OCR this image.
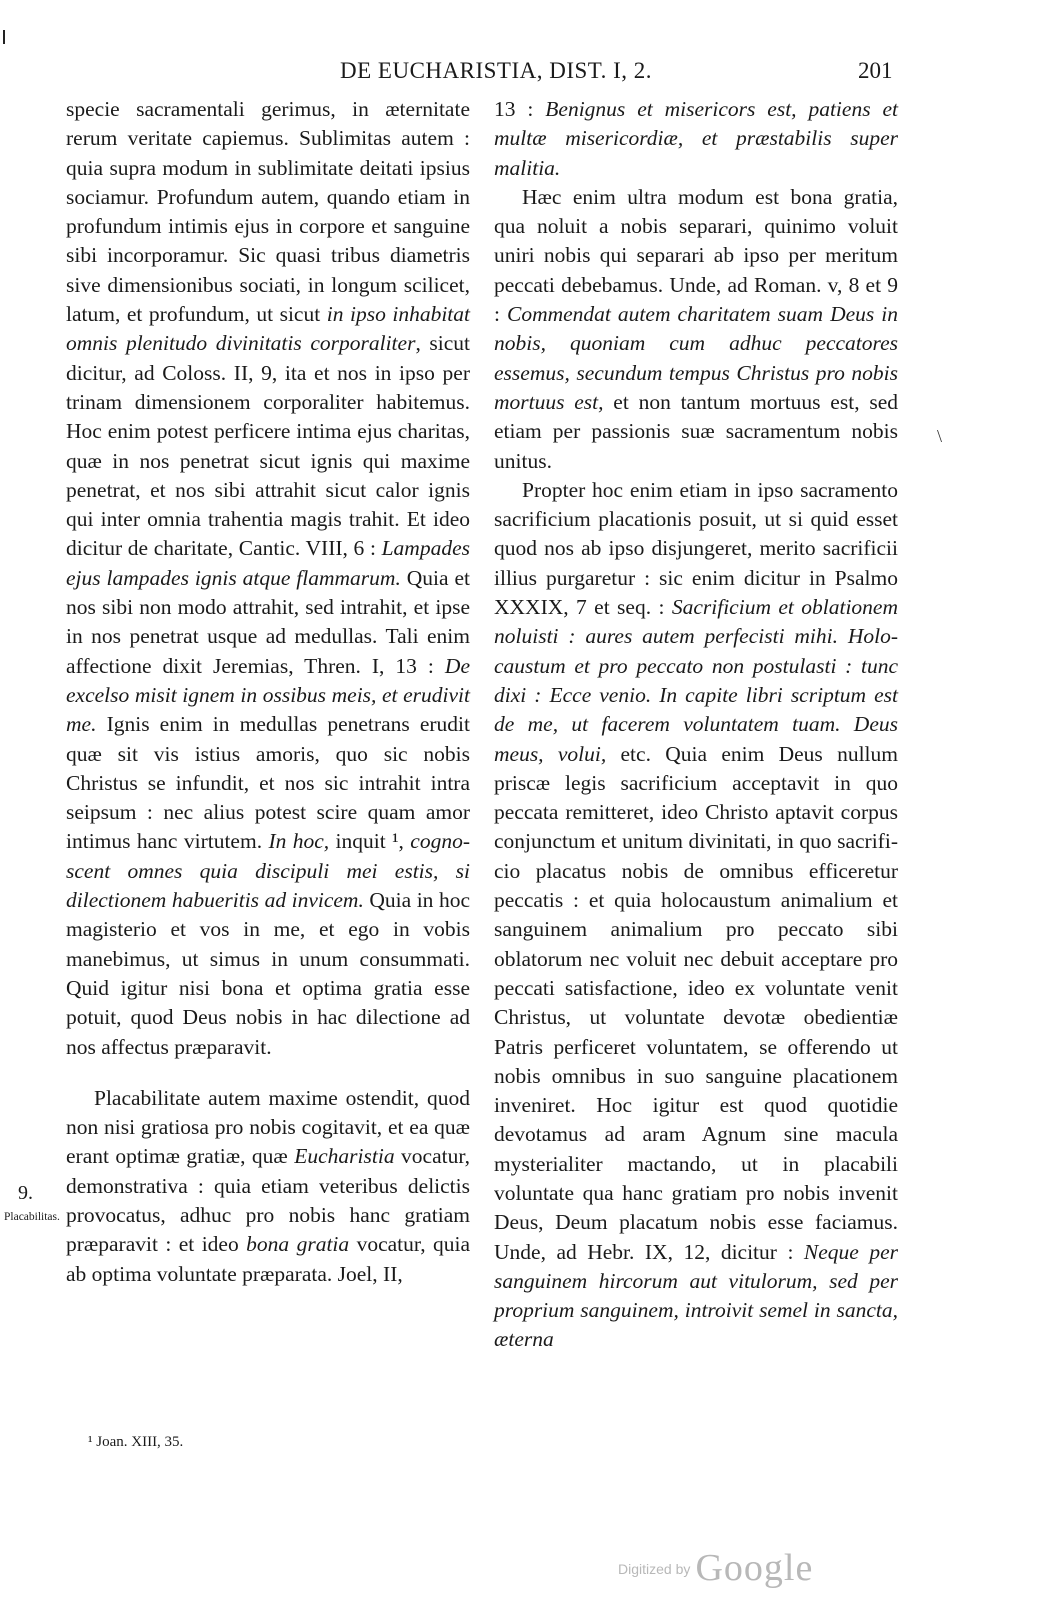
DE EUCHARISTIA, DIST. I, 2.	201

specie sacramentali gerimus, in æternitate rerum veritate capiemus. Sublimitas autem : quia supra modum in sublimitate deitati ipsius sociamur. Profundum autem, quando etiam in profundum intimis ejus in corpore et sanguine sibi incorporamur. Sic quasi tribus diametris sive dimensionibus sociati, in longum scilicet, latum, et profundum, ut sicut in ipso inhabitat omnis plenitudo divinitatis corporaliter, sicut dicitur, ad Coloss. II, 9, ita et nos in ipso per trinam dimensionem corporaliter habitemus. Hoc enim potest perficere intima ejus charitas, quæ in nos penetrat sicut ignis qui maxime penetrat, et nos sibi attrahit sicut calor ignis qui inter omnia trahentia magis trahit. Et ideo dicitur de charitate, Cantic. VIII, 6 : Lampades ejus lampades ignis atque flammarum. Quia et nos sibi non modo attrahit, sed intrahit, et ipse in nos penetrat usque ad medullas. Tali enim affectione dixit Jeremias, Thren. I, 13 : De excelso misit ignem in ossibus meis, et erudivit me. Ignis enim in medullas penetrans erudit quæ sit vis istius amoris, quo sic nobis Christus se infundit, et nos sic intrahit intra seipsum : nec alius potest scire quam amor intimus hanc virtutem. In hoc, inquit ¹, cognoscent omnes quia discipuli mei estis, si dilectionem habueritis ad invicem. Quia in hoc magisterio et vos in me, et ego in vobis manebimus, ut simus in unum consummati. Quid igitur nisi bona et optima gratia esse potuit, quod Deus nobis in hac dilectione ad nos affectus præparavit.

Placabilitate autem maxime ostendit, quod non nisi gratiosa pro nobis cogitavit, et ea quæ erant optimæ gratiæ, quæ Eucharistia vocatur, demonstrativa : quia etiam veteribus delictis provocatus, adhuc pro nobis hanc gratiam præparavit : et ideo bona gratia vocatur, quia ab optima voluntate præparata. Joel, II,

9.
Placabilitas.

13 : Benignus et misericors est, patiens et multæ misericordiæ, et præstabilis super malitia.

Hæc enim ultra modum est bona gratia, qua noluit a nobis separari, quinimo voluit uniri nobis qui separari ab ipso per meritum peccati debebamus. Unde, ad Roman. v, 8 et 9 : Commendat autem charitatem suam Deus in nobis, quoniam cum adhuc peccatores essemus, secundum tempus Christus pro nobis mortuus est, et non tantum mortuus est, sed etiam per passionis suæ sacramentum nobis unitus.

Propter hoc enim etiam in ipso sacramento sacrificium placationis posuit, ut si quid esset quod nos ab ipso disjungeret, merito sacrificii illius purgaretur : sic enim dicitur in Psalmo XXXIX, 7 et seq. : Sacrificium et oblationem noluisti : aures autem perfecisti mihi. Holocaustum et pro peccato non postulasti : tunc dixi : Ecce venio. In capite libri scriptum est de me, ut facerem voluntatem tuam. Deus meus, volui, etc. Quia enim Deus nullum priscæ legis sacrificium acceptavit in quo peccata remitteret, ideo Christo aptavit corpus conjunctum et unitum divinitati, in quo sacrificio placatus nobis de omnibus efficeretur peccatis : et quia holocaustum animalium et sanguinem animalium pro peccato sibi oblatorum nec voluit nec debuit acceptare pro peccati satisfactione, ideo ex voluntate venit Christus, ut voluntate devotæ obedientiæ Patris perficeret voluntatem, se offerendo ut nobis omnibus in suo sanguine placationem inveniret. Hoc igitur est quod quotidie devotamus ad aram Agnum sine macula mysterialiter mactando, ut in placabili voluntate qua hanc gratiam pro nobis invenit Deus, Deum placatum nobis esse faciamus. Unde, ad Hebr. IX, 12, dicitur : Neque per sanguinem hircorum aut vitulorum, sed per proprium sanguinem, introivit semel in sancta, æterna

\
¹ Joan. XIII, 35.
Digitized by Google
